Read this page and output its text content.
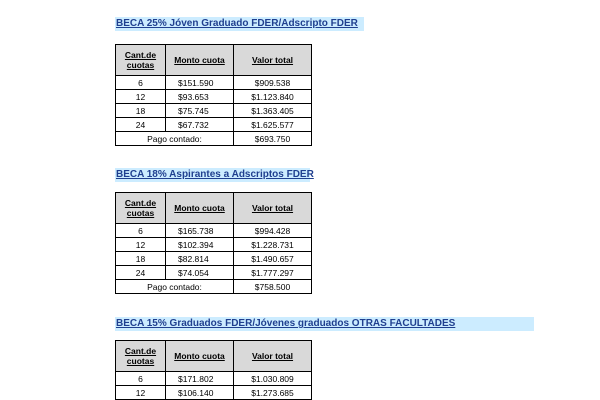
BECA 25% Jóven Graduado FDER/Adscripto FDER
Cant.de cuotas	Monto cuota	Valor total
6	$151.590	$909.538
12	$93.653	$1.123.840
18	$75.745	$1.363.405
24	$67.732	$1.625.577
Pago contado:		$693.750
BECA 18% Aspirantes a Adscriptos FDER
Cant.de cuotas	Monto cuota	Valor total
6	$165.738	$994.428
12	$102.394	$1.228.731
18	$82.814	$1.490.657
24	$74.054	$1.777.297
Pago contado:		$758.500
BECA 15% Graduados FDER/Jóvenes graduados OTRAS FACULTADES
Cant.de cuotas	Monto cuota	Valor total
6	$171.802	$1.030.809
12	$106.140	$1.273.685
